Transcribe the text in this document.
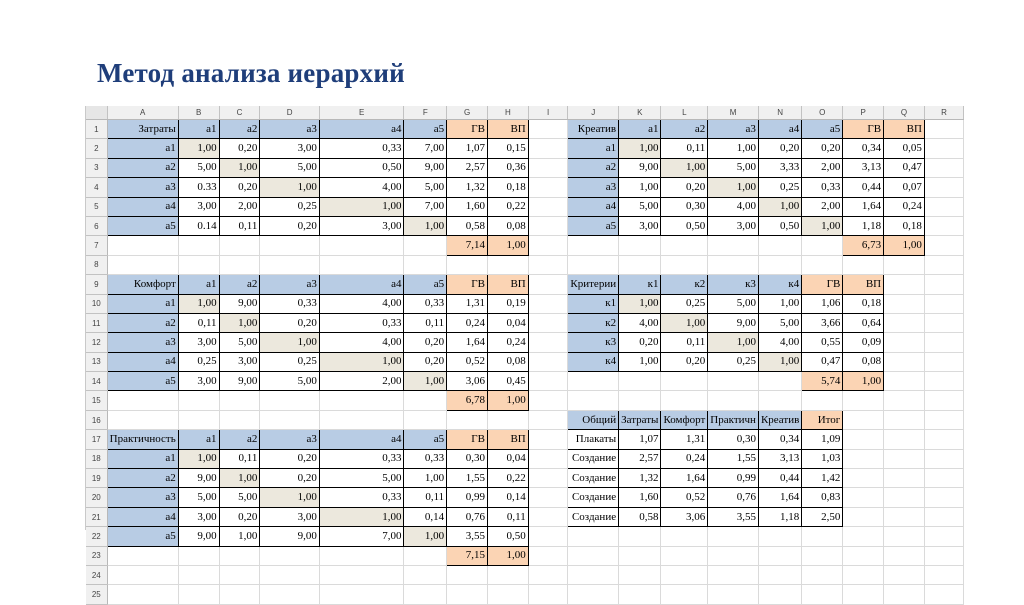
Метод анализа иерархий
	A	B	C	D	E	F	G	H	I	J	K	L	M	N	O	P	Q	R
1	Затраты	a1	a2	a3	a4	a5	ГВ	ВП		Креатив	a1	a2	a3	a4	a5	ГВ	ВП	
2	a1	1,00	0,20	3,00	0,33	7,00	1,07	0,15		a1	1,00	0,11	1,00	0,20	0,20	0,34	0,05	
3	a2	5,00	1,00	5,00	0,50	9,00	2,57	0,36		a2	9,00	1,00	5,00	3,33	2,00	3,13	0,47	
4	a3	0.33	0,20	1,00	4,00	5,00	1,32	0,18		a3	1,00	0,20	1,00	0,25	0,33	0,44	0,07	
5	a4	3,00	2,00	0,25	1,00	7,00	1,60	0,22		a4	5,00	0,30	4,00	1,00	2,00	1,64	0,24	
6	a5	0.14	0,11	0,20	3,00	1,00	0,58	0,08		a5	3,00	0,50	3,00	0,50	1,00	1,18	0,18	
7							7,14	1,00								6,73	1,00	
8																		
9	Комфорт	a1	a2	a3	a4	a5	ГВ	ВП		Критерии	к1	к2	к3	к4	ГВ	ВП		
10	a1	1,00	9,00	0,33	4,00	0,33	1,31	0,19		к1	1,00	0,25	5,00	1,00	1,06	0,18		
11	a2	0,11	1,00	0,20	0,33	0,11	0,24	0,04		к2	4,00	1,00	9,00	5,00	3,66	0,64		
12	a3	3,00	5,00	1,00	4,00	0,20	1,64	0,24		к3	0,20	0,11	1,00	4,00	0,55	0,09		
13	a4	0,25	3,00	0,25	1,00	0,20	0,52	0,08		к4	1,00	0,20	0,25	1,00	0,47	0,08		
14	a5	3,00	9,00	5,00	2,00	1,00	3,06	0,45							5,74	1,00		
15							6,78	1,00										
16										Общий	Затраты	Комфорт	Практичн	Креатив	Итог			
17	Практичность	a1	a2	a3	a4	a5	ГВ	ВП		Плакаты	1,07	1,31	0,30	0,34	1,09			
18	a1	1,00	0,11	0,20	0,33	0,33	0,30	0,04		Создание	2,57	0,24	1,55	3,13	1,03			
19	a2	9,00	1,00	0,20	5,00	1,00	1,55	0,22		Создание	1,32	1,64	0,99	0,44	1,42			
20	a3	5,00	5,00	1,00	0,33	0,11	0,99	0,14		Создание	1,60	0,52	0,76	1,64	0,83			
21	a4	3,00	0,20	3,00	1,00	0,14	0,76	0,11		Создание	0,58	3,06	3,55	1,18	2,50			
22	a5	9,00	1,00	9,00	7,00	1,00	3,55	0,50										
23							7,15	1,00										
24																		
25																		
